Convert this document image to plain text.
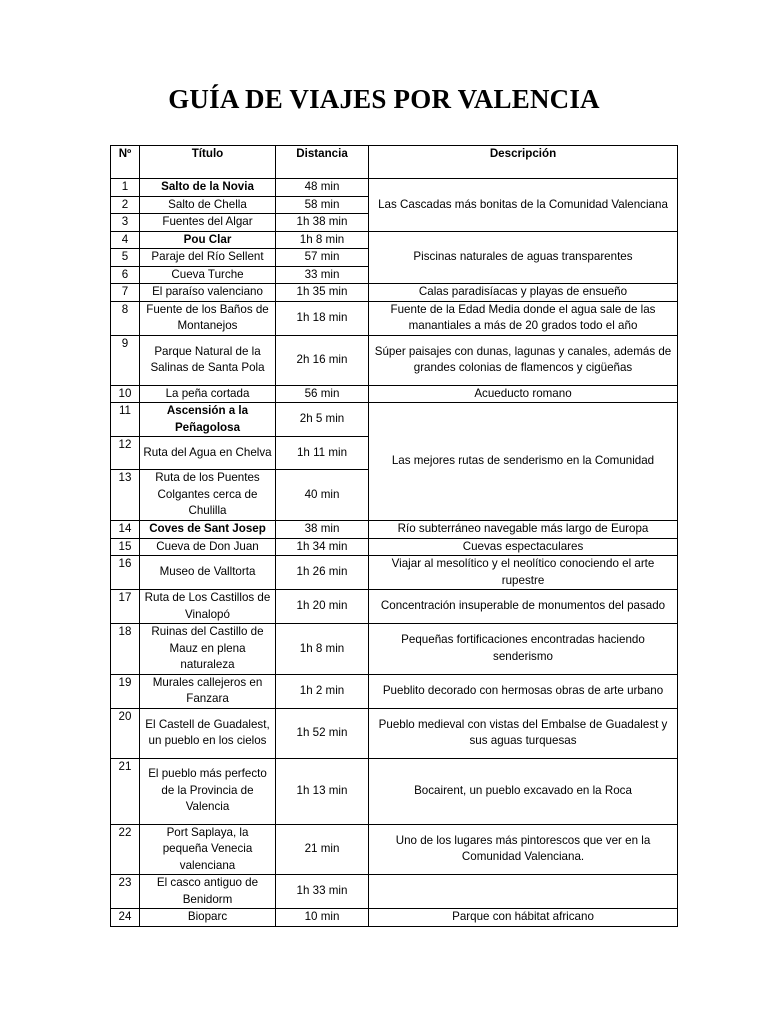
GUÍA DE VIAJES POR VALENCIA
Nº	Título	Distancia	Descripción
1	Salto de la Novia	48 min	Las Cascadas más bonitas de la Comunidad Valenciana
2	Salto de Chella	58 min	
3	Fuentes del Algar	1h 38 min	
4	Pou Clar	1h 8 min	Piscinas naturales de aguas transparentes
5	Paraje del Río Sellent	57 min	
6	Cueva Turche	33 min	
7	El paraíso valenciano	1h 35 min	Calas paradisíacas y playas de ensueño
8	Fuente de los Baños de Montanejos	1h 18 min	Fuente de la Edad Media donde el agua sale de las manantiales a más de 20 grados todo el año
9	Parque Natural de la Salinas de Santa Pola	2h 16 min	Súper paisajes con dunas, lagunas y canales, además de grandes colonias de flamencos y cigüeñas
10	La peña cortada	56 min	Acueducto romano
11	Ascensión a la Peñagolosa	2h 5 min	Las mejores rutas de senderismo en la Comunidad
12	Ruta del Agua en Chelva	1h 11 min	
13	Ruta de los Puentes Colgantes cerca de Chulilla	40 min	
14	Coves de Sant Josep	38 min	Río subterráneo navegable más largo de Europa
15	Cueva de Don Juan	1h 34 min	Cuevas espectaculares
16	Museo de Valltorta	1h 26 min	Viajar al mesolítico y el neolítico conociendo el arte rupestre
17	Ruta de Los Castillos de Vinalopó	1h 20 min	Concentración insuperable de monumentos del pasado
18	Ruinas del Castillo de Mauz en plena naturaleza	1h 8 min	Pequeñas fortificaciones encontradas haciendo senderismo
19	Murales callejeros en Fanzara	1h 2 min	Pueblito decorado con hermosas obras de arte urbano
20	El Castell de Guadalest, un pueblo en los cielos	1h 52 min	Pueblo medieval con vistas del Embalse de Guadalest y sus aguas turquesas
21	El pueblo más perfecto de la Provincia de Valencia	1h 13 min	Bocairent, un pueblo excavado en la Roca
22	Port Saplaya, la pequeña Venecia valenciana	21 min	Uno de los lugares más pintorescos que ver en la Comunidad Valenciana.
23	El casco antiguo de Benidorm	1h 33 min	
24	Bioparc	10 min	Parque con hábitat africano
